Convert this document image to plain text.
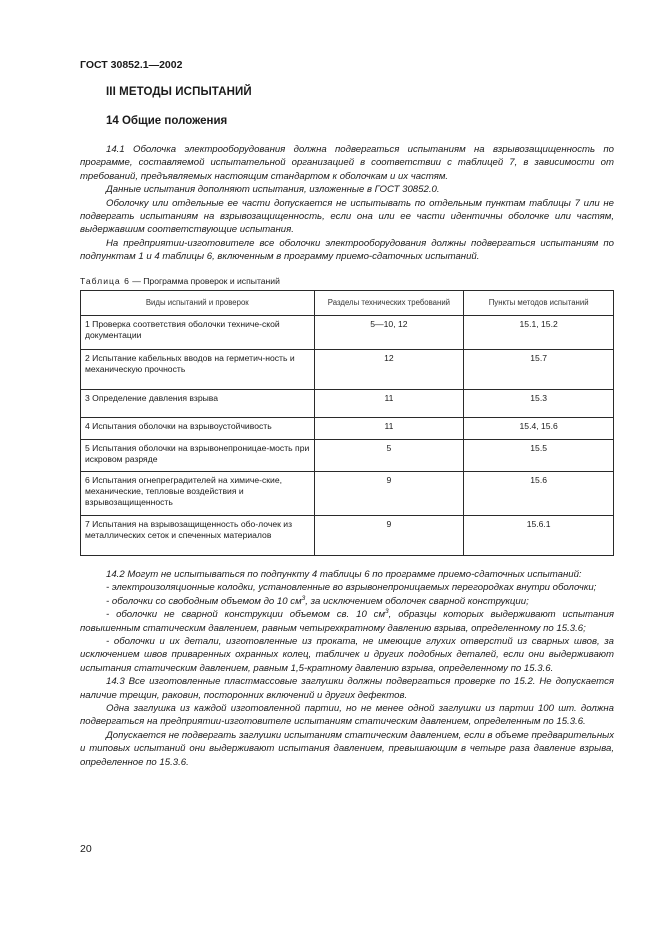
ГОСТ 30852.1—2002
III МЕТОДЫ ИСПЫТАНИЙ
14 Общие положения

14.1 Оболочка электрооборудования должна подвергаться испытаниям на взрывозащищенность по программе, составляемой испытательной организацией в соответствии с таблицей 7, в зависимости от требований, предъявляемых настоящим стандартом к оболочкам и их частям.

Данные испытания дополняют испытания, изложенные в ГОСТ 30852.0.

Оболочку или отдельные ее части допускается не испытывать по отдельным пунктам таблицы 7 или не подвергать испытаниям на взрывозащищенность, если она или ее части идентичны оболочке или частям, выдержавшим соответствующие испытания.

На предприятии-изготовителе все оболочки электрооборудования должны подвергаться испытаниям по подпунктам 1 и 4 таблицы 6, включенным в программу приемо-сдаточных испытаний.

Таблица 6 — Программа проверок и испытаний
Виды испытаний и проверок	Разделы технических требований	Пункты методов испытаний
1 Проверка соответствия оболочки техниче-ской документации	5—10, 12	15.1, 15.2
2 Испытание кабельных вводов на герметич-ность и механическую прочность	12	15.7
3 Определение давления взрыва	11	15.3
4 Испытания оболочки на взрывоустойчивость	11	15.4, 15.6
5 Испытания оболочки на взрывонепроницае-мость при искровом разряде	5	15.5
6 Испытания огнепреградителей на химиче-ские, механические, тепловые воздействия и взрывозащищенность	9	15.6
7 Испытания на взрывозащищенность обо-лочек из металлических сеток и спеченных материалов	9	15.6.1

14.2 Могут не испытываться по подпункту 4 таблицы 6 по программе приемо-сдаточных испытаний:

- электроизоляционные колодки, установленные во взрывонепроницаемых перегородках внутри оболочки;

- оболочки со свободным объемом до 10 $см^3$, за исключением оболочек сварной конструкции;

- оболочки не сварной конструкции объемом св. 10 $см^3$, образцы которых выдерживают испытания повышенным статическим давлением, равным четырехкратному давлению взрыва, определенному по 15.3.6;

- оболочки и их детали, изготовленные из проката, не имеющие глухих отверстий из сварных швов, за исключением швов приваренных охранных колец, табличек и других подобных деталей, если они выдерживают испытания статическим давлением, равным 1,5-кратному давлению взрыва, определенному по 15.3.6.

14.3 Все изготовленные пластмассовые заглушки должны подвергаться проверке по 15.2. Не допускается наличие трещин, раковин, посторонних включений и других дефектов.

Одна заглушка из каждой изготовленной партии, но не менее одной заглушки из партии 100 шт. должна подвергаться на предприятии-изготовителе испытаниям статическим давлением, определенным по 15.3.6.

Допускается не подвергать заглушки испытаниям статическим давлением, если в объеме предварительных и типовых испытаний они выдерживают испытания давлением, превышающим в четыре раза давление взрыва, определенное по 15.3.6.

20
